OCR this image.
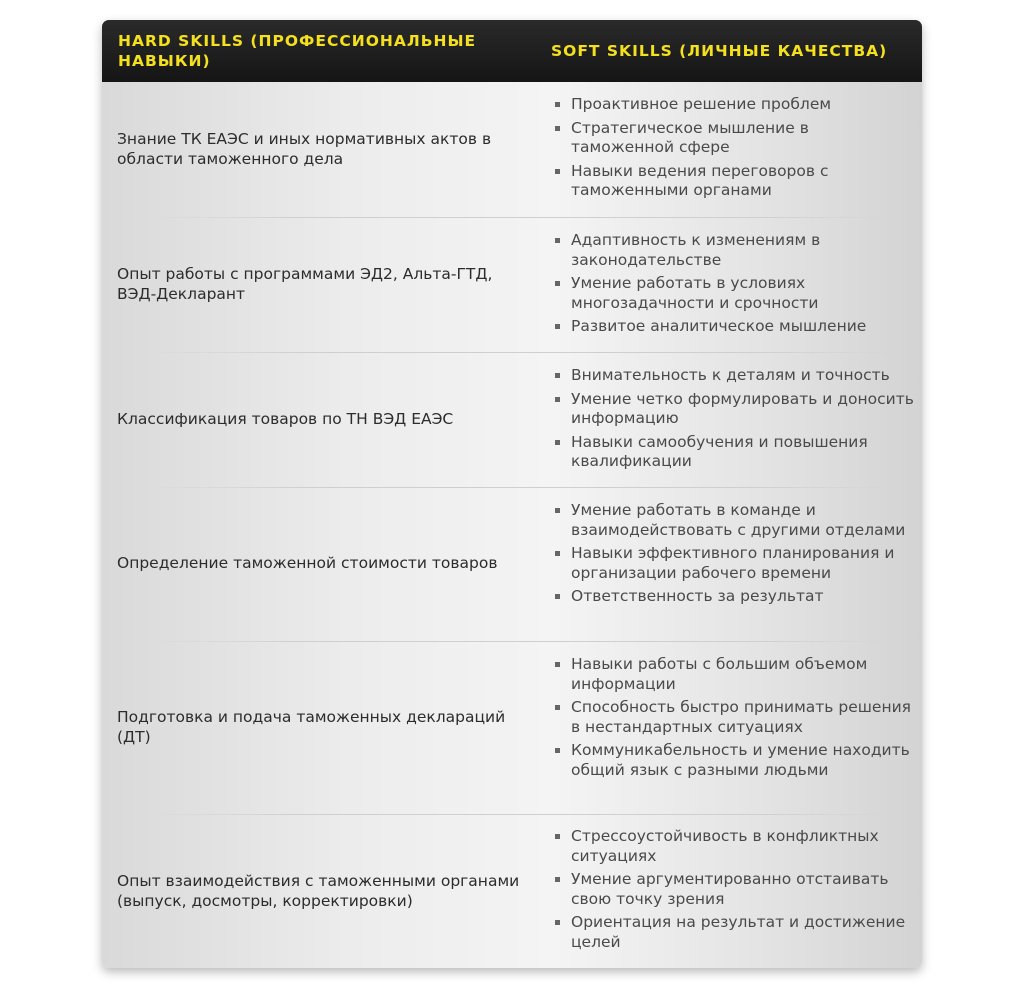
HARD SKILLS (ПРОФЕССИОНАЛЬНЫЕ НАВЫКИ)
SOFT SKILLS (ЛИЧНЫЕ КАЧЕСТВА)
Знание ТК ЕАЭС и иных нормативных актов в области таможенного дела
Проактивное решение проблем
Стратегическое мышление в таможенной сфере
Навыки ведения переговоров с таможенными органами
Опыт работы с программами ЭД2, Альта-ГТД, ВЭД-Декларант
Адаптивность к изменениям в законодательстве
Умение работать в условиях многозадачности и срочности
Развитое аналитическое мышление
Классификация товаров по ТН ВЭД ЕАЭС
Внимательность к деталям и точность
Умение четко формулировать и доносить информацию
Навыки самообучения и повышения квалификации
Определение таможенной стоимости товаров
Умение работать в команде и взаимодействовать с другими отделами
Навыки эффективного планирования и организации рабочего времени
Ответственность за результат
Подготовка и подача таможенных деклараций (ДТ)
Навыки работы с большим объемом информации
Способность быстро принимать решения в нестандартных ситуациях
Коммуникабельность и умение находить общий язык с разными людьми
Опыт взаимодействия с таможенными органами (выпуск, досмотры, корректировки)
Стрессоустойчивость в конфликтных ситуациях
Умение аргументированно отстаивать свою точку зрения
Ориентация на результат и достижение целей
